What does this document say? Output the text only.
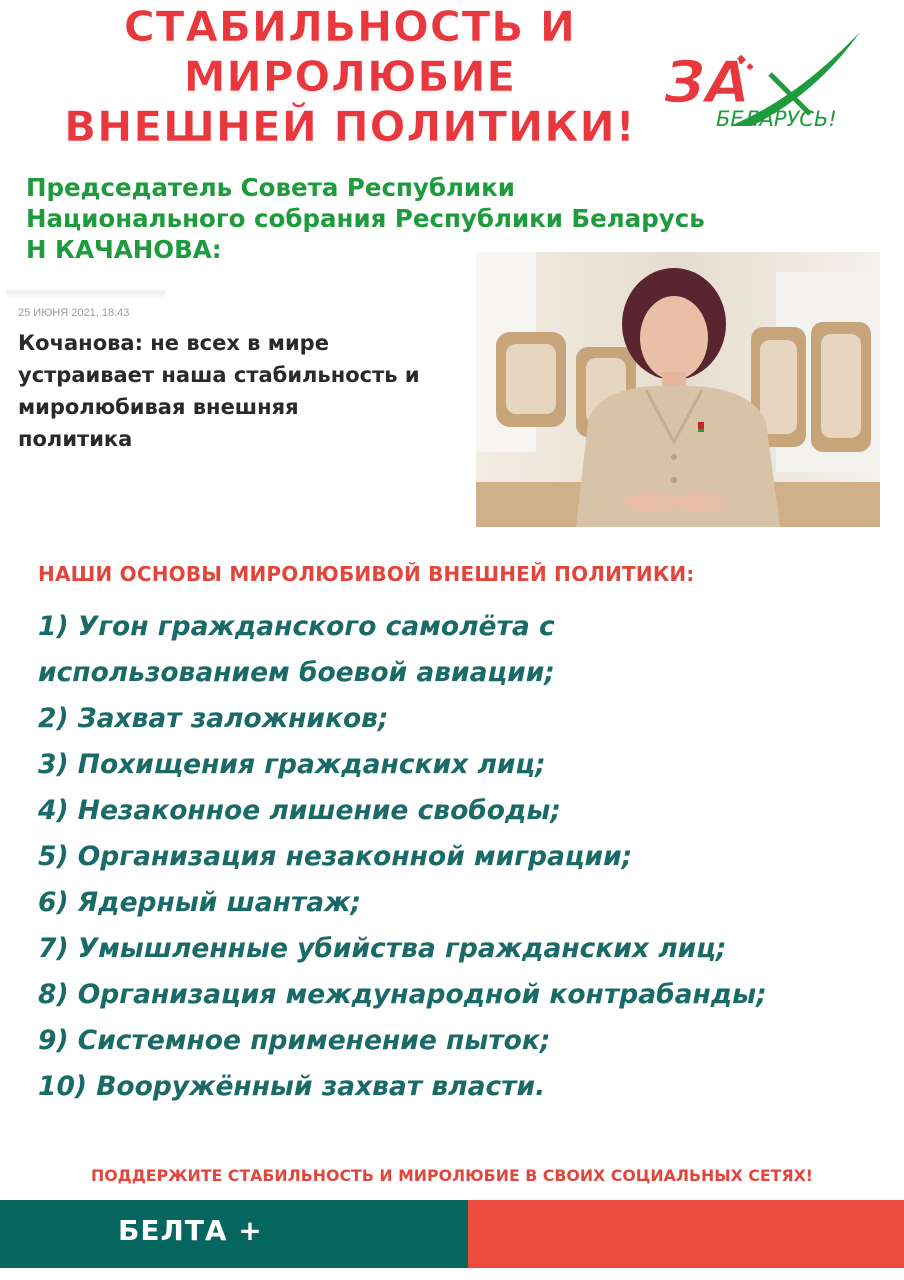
СТАБИЛЬНОСТЬ И
МИРОЛЮБИЕ
ВНЕШНЕЙ ПОЛИТИКИ!
ЗА
БЕЛАРУСЬ!
Председатель Совета Республики
Национального собрания Республики Беларусь
Н КАЧАНОВА:
25 ИЮНЯ 2021, 18:43
Кочанова: не всех в мире
устраивает наша стабильность и
миролюбивая внешняя
политика
НАШИ ОСНОВЫ МИРОЛЮБИВОЙ ВНЕШНЕЙ ПОЛИТИКИ:
1) Угон гражданского самолёта с
использованием боевой авиации;
2) Захват заложников;
3) Похищения гражданских лиц;
4) Незаконное лишение свободы;
5) Организация незаконной миграции;
6) Ядерный шантаж;
7) Умышленные убийства гражданских лиц;
8) Организация международной контрабанды;
9) Системное применение пыток;
10) Вооружённый захват власти.
ПОДДЕРЖИТЕ СТАБИЛЬНОСТЬ И МИРОЛЮБИЕ В СВОИХ СОЦИАЛЬНЫХ СЕТЯХ!
БЕЛТА +
